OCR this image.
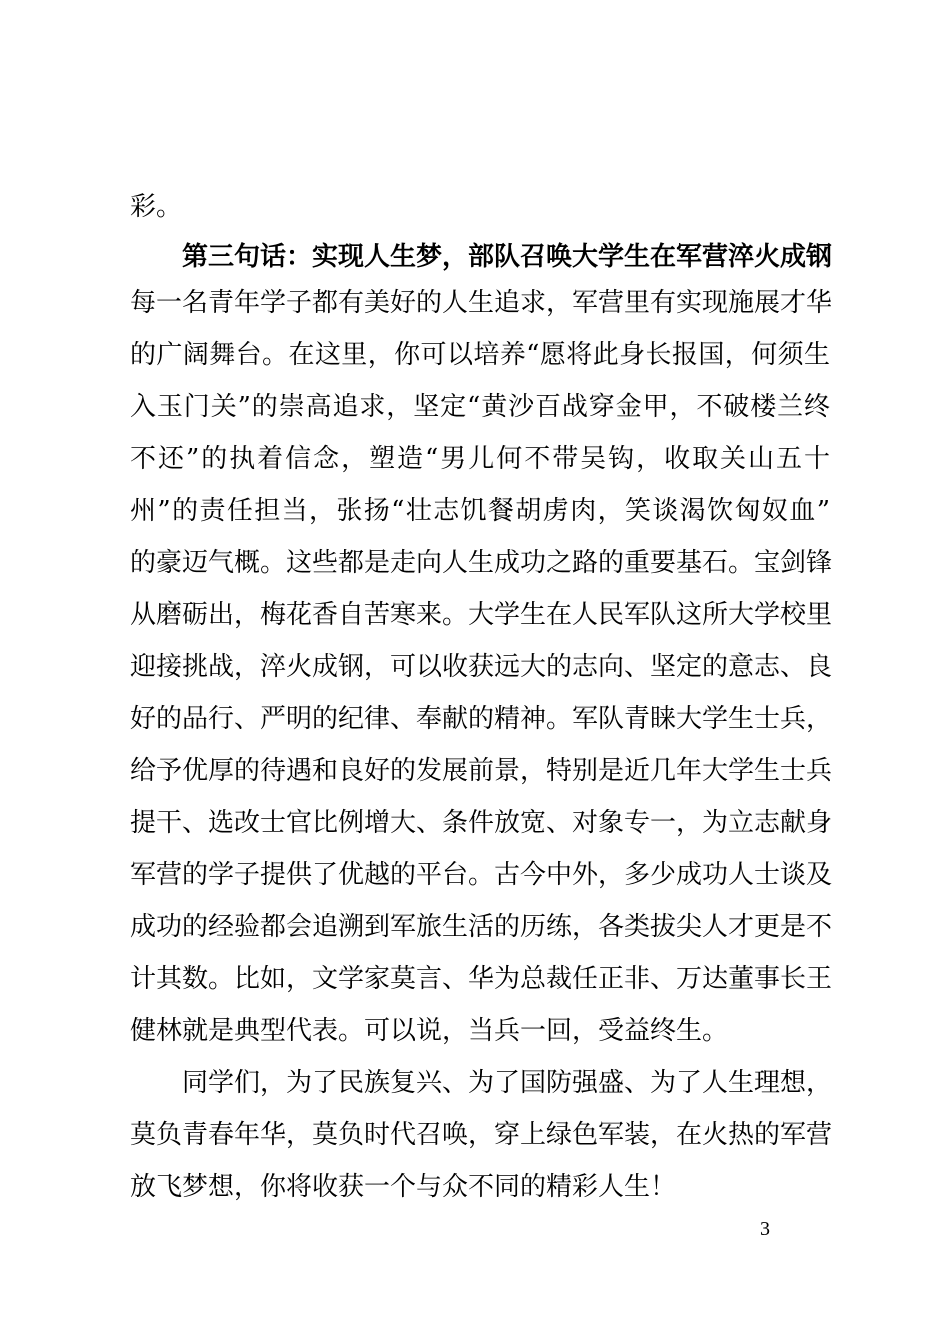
彩。
第三句话：实现人生梦，部队召唤大学生在军营淬火成钢
每一名青年学子都有美好的人生追求，军营里有实现施展才华
的广阔舞台。在这里，你可以培养“愿将此身长报国，何须生
入玉门关”的崇高追求，坚定“黄沙百战穿金甲，不破楼兰终
不还”的执着信念，塑造“男儿何不带吴钩，收取关山五十
州”的责任担当，张扬“壮志饥餐胡虏肉，笑谈渴饮匈奴血”
的豪迈气概。这些都是走向人生成功之路的重要基石。宝剑锋
从磨砺出，梅花香自苦寒来。大学生在人民军队这所大学校里
迎接挑战，淬火成钢，可以收获远大的志向、坚定的意志、良
好的品行、严明的纪律、奉献的精神。军队青睐大学生士兵，
给予优厚的待遇和良好的发展前景，特别是近几年大学生士兵
提干、选改士官比例增大、条件放宽、对象专一，为立志献身
军营的学子提供了优越的平台。古今中外，多少成功人士谈及
成功的经验都会追溯到军旅生活的历练，各类拔尖人才更是不
计其数。比如，文学家莫言、华为总裁任正非、万达董事长王
健林就是典型代表。可以说，当兵一回，受益终生。
同学们，为了民族复兴、为了国防强盛、为了人生理想，
莫负青春年华，莫负时代召唤，穿上绿色军装，在火热的军营
放飞梦想，你将收获一个与众不同的精彩人生！
3
